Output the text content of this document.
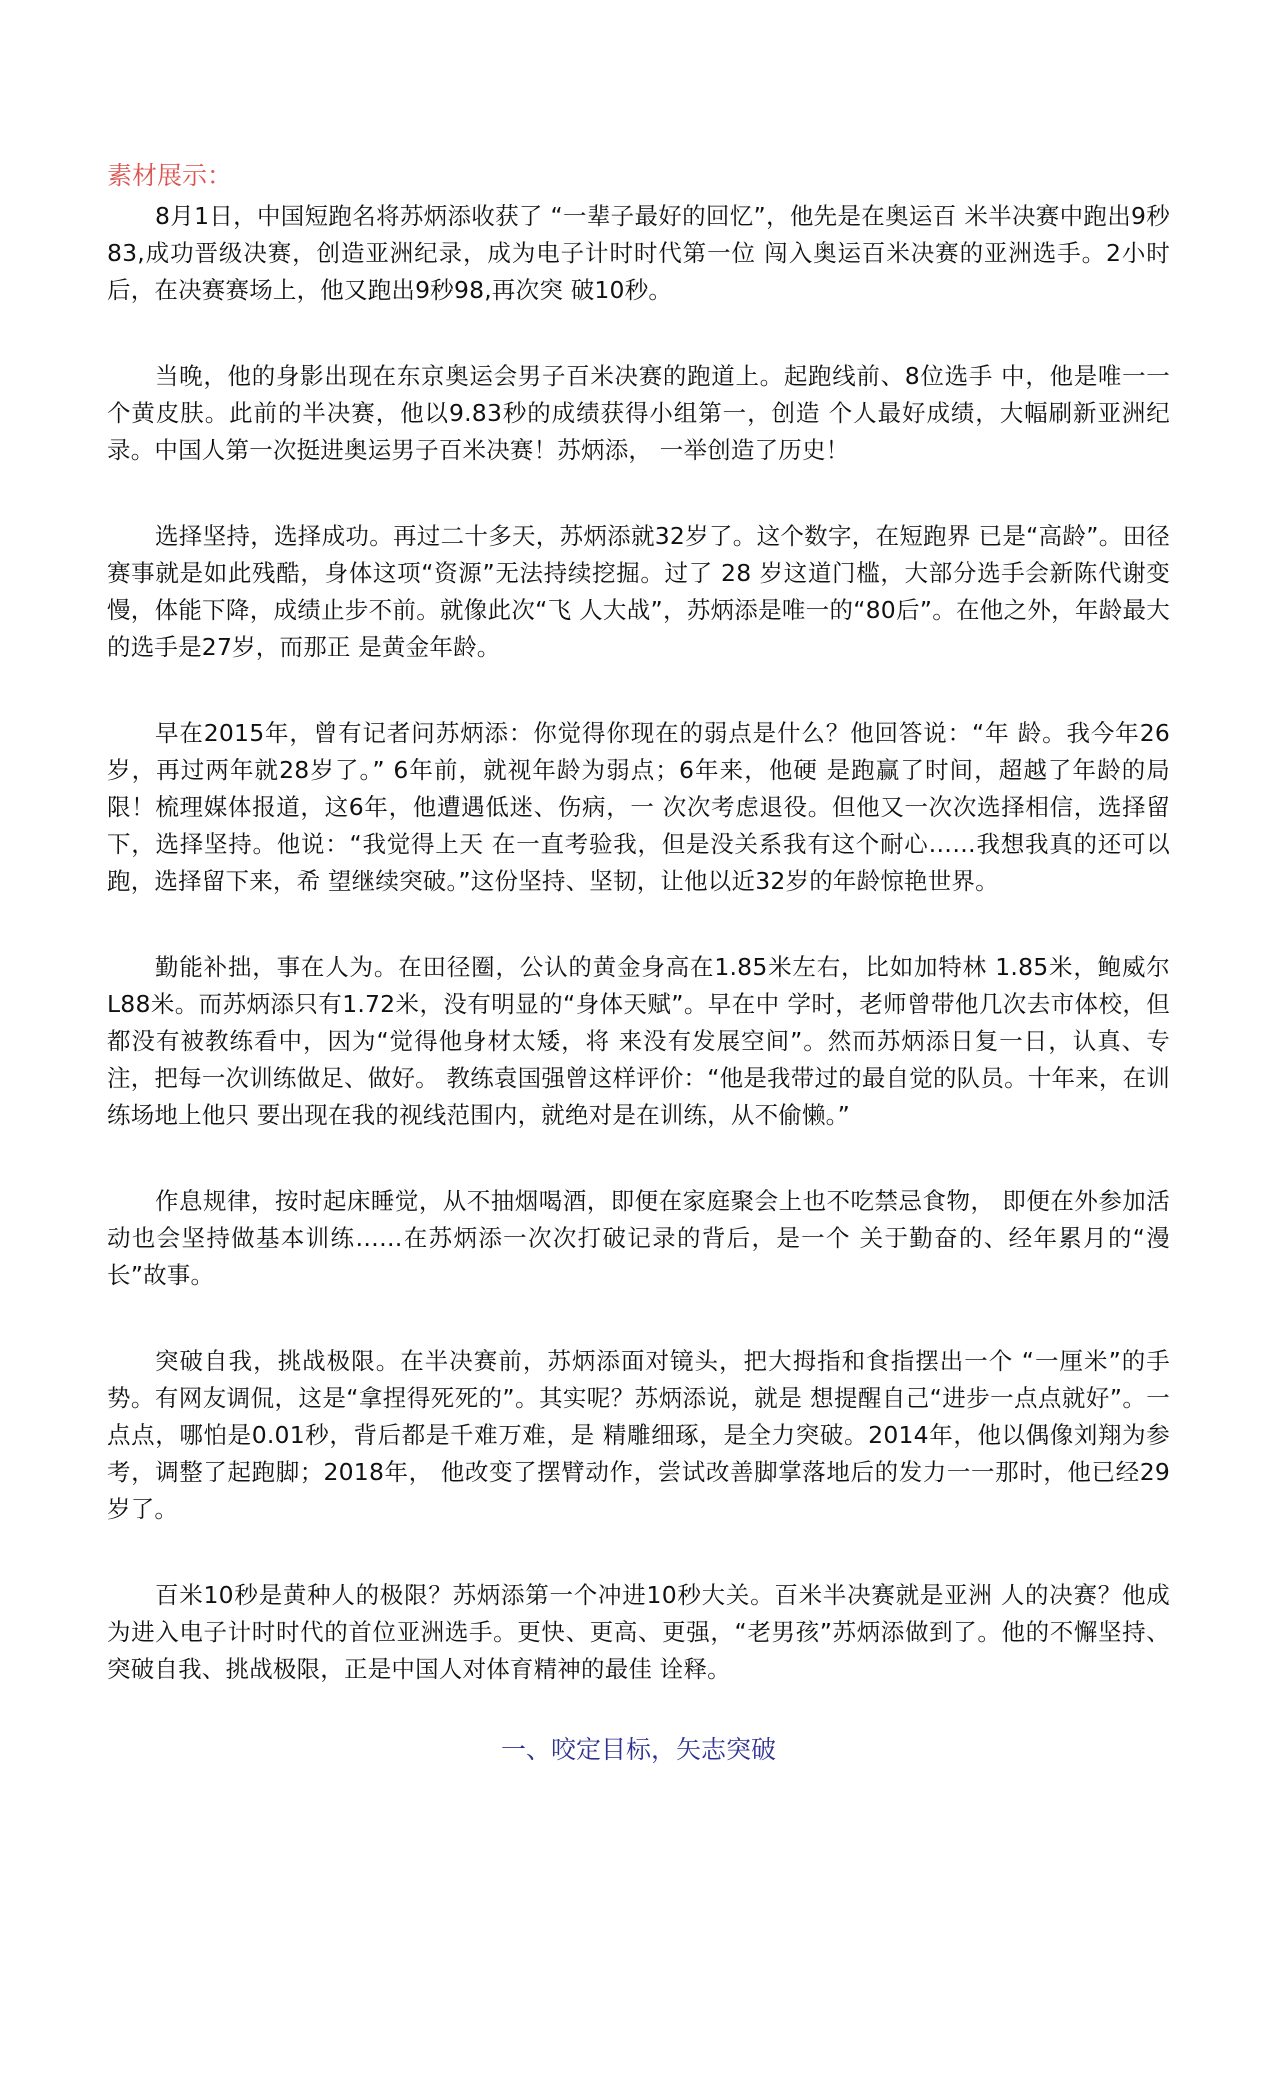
素材展示：

8月1日，中国短跑名将苏炳添收获了 “一辈子最好的回忆”，他先是在奥运百 米半决赛中跑出9秒83,成功晋级决赛，创造亚洲纪录，成为电子计时时代第一位 闯入奥运百米决赛的亚洲选手。2小时后，在决赛赛场上，他又跑出9秒98,再次突 破10秒。

当晚，他的身影出现在东京奥运会男子百米决赛的跑道上。起跑线前、8位选手 中，他是唯一一个黄皮肤。此前的半决赛，他以9.83秒的成绩获得小组第一，创造 个人最好成绩，大幅刷新亚洲纪录。中国人第一次挺进奥运男子百米决赛！苏炳添， 一举创造了历史！

选择坚持，选择成功。再过二十多天，苏炳添就32岁了。这个数字，在短跑界 已是“高龄”。田径赛事就是如此残酷，身体这项“资源”无法持续挖掘。过了 28 岁这道门槛，大部分选手会新陈代谢变慢，体能下降，成绩止步不前。就像此次“飞 人大战”，苏炳添是唯一的“80后”。在他之外，年龄最大的选手是27岁，而那正 是黄金年龄。

早在2015年，曾有记者问苏炳添：你觉得你现在的弱点是什么？他回答说：“年 龄。我今年26岁，再过两年就28岁了。” 6年前，就视年龄为弱点；6年来，他硬 是跑赢了时间，超越了年龄的局限！梳理媒体报道，这6年，他遭遇低迷、伤病，一 次次考虑退役。但他又一次次选择相信，选择留下，选择坚持。他说：“我觉得上天 在一直考验我，但是没关系我有这个耐心……我想我真的还可以跑，选择留下来，希 望继续突破。”这份坚持、坚韧，让他以近32岁的年龄惊艳世界。

勤能补拙，事在人为。在田径圈，公认的黄金身高在1.85米左右，比如加特林 1.85米，鲍威尔L88米。而苏炳添只有1.72米，没有明显的“身体天赋”。早在中 学时，老师曾带他几次去市体校，但都没有被教练看中，因为“觉得他身材太矮，将 来没有发展空间”。然而苏炳添日复一日，认真、专注，把每一次训练做足、做好。 教练袁国强曾这样评价：“他是我带过的最自觉的队员。十年来，在训练场地上他只 要出现在我的视线范围内，就绝对是在训练，从不偷懒。”

作息规律，按时起床睡觉，从不抽烟喝酒，即便在家庭聚会上也不吃禁忌食物， 即便在外参加活动也会坚持做基本训练……在苏炳添一次次打破记录的背后，是一个 关于勤奋的、经年累月的“漫长”故事。

突破自我，挑战极限。在半决赛前，苏炳添面对镜头，把大拇指和食指摆出一个 “一厘米”的手势。有网友调侃，这是“拿捏得死死的”。其实呢？苏炳添说，就是 想提醒自己“进步一点点就好”。一点点，哪怕是0.01秒，背后都是千难万难，是 精雕细琢，是全力突破。2014年，他以偶像刘翔为参考，调整了起跑脚；2018年， 他改变了摆臂动作，尝试改善脚掌落地后的发力一一那时，他已经29岁了。

百米10秒是黄种人的极限？苏炳添第一个冲进10秒大关。百米半决赛就是亚洲 人的决赛？他成为进入电子计时时代的首位亚洲选手。更快、更高、更强，“老男孩”苏炳添做到了。他的不懈坚持、突破自我、挑战极限，正是中国人对体育精神的最佳 诠释。

一、咬定目标，矢志突破
